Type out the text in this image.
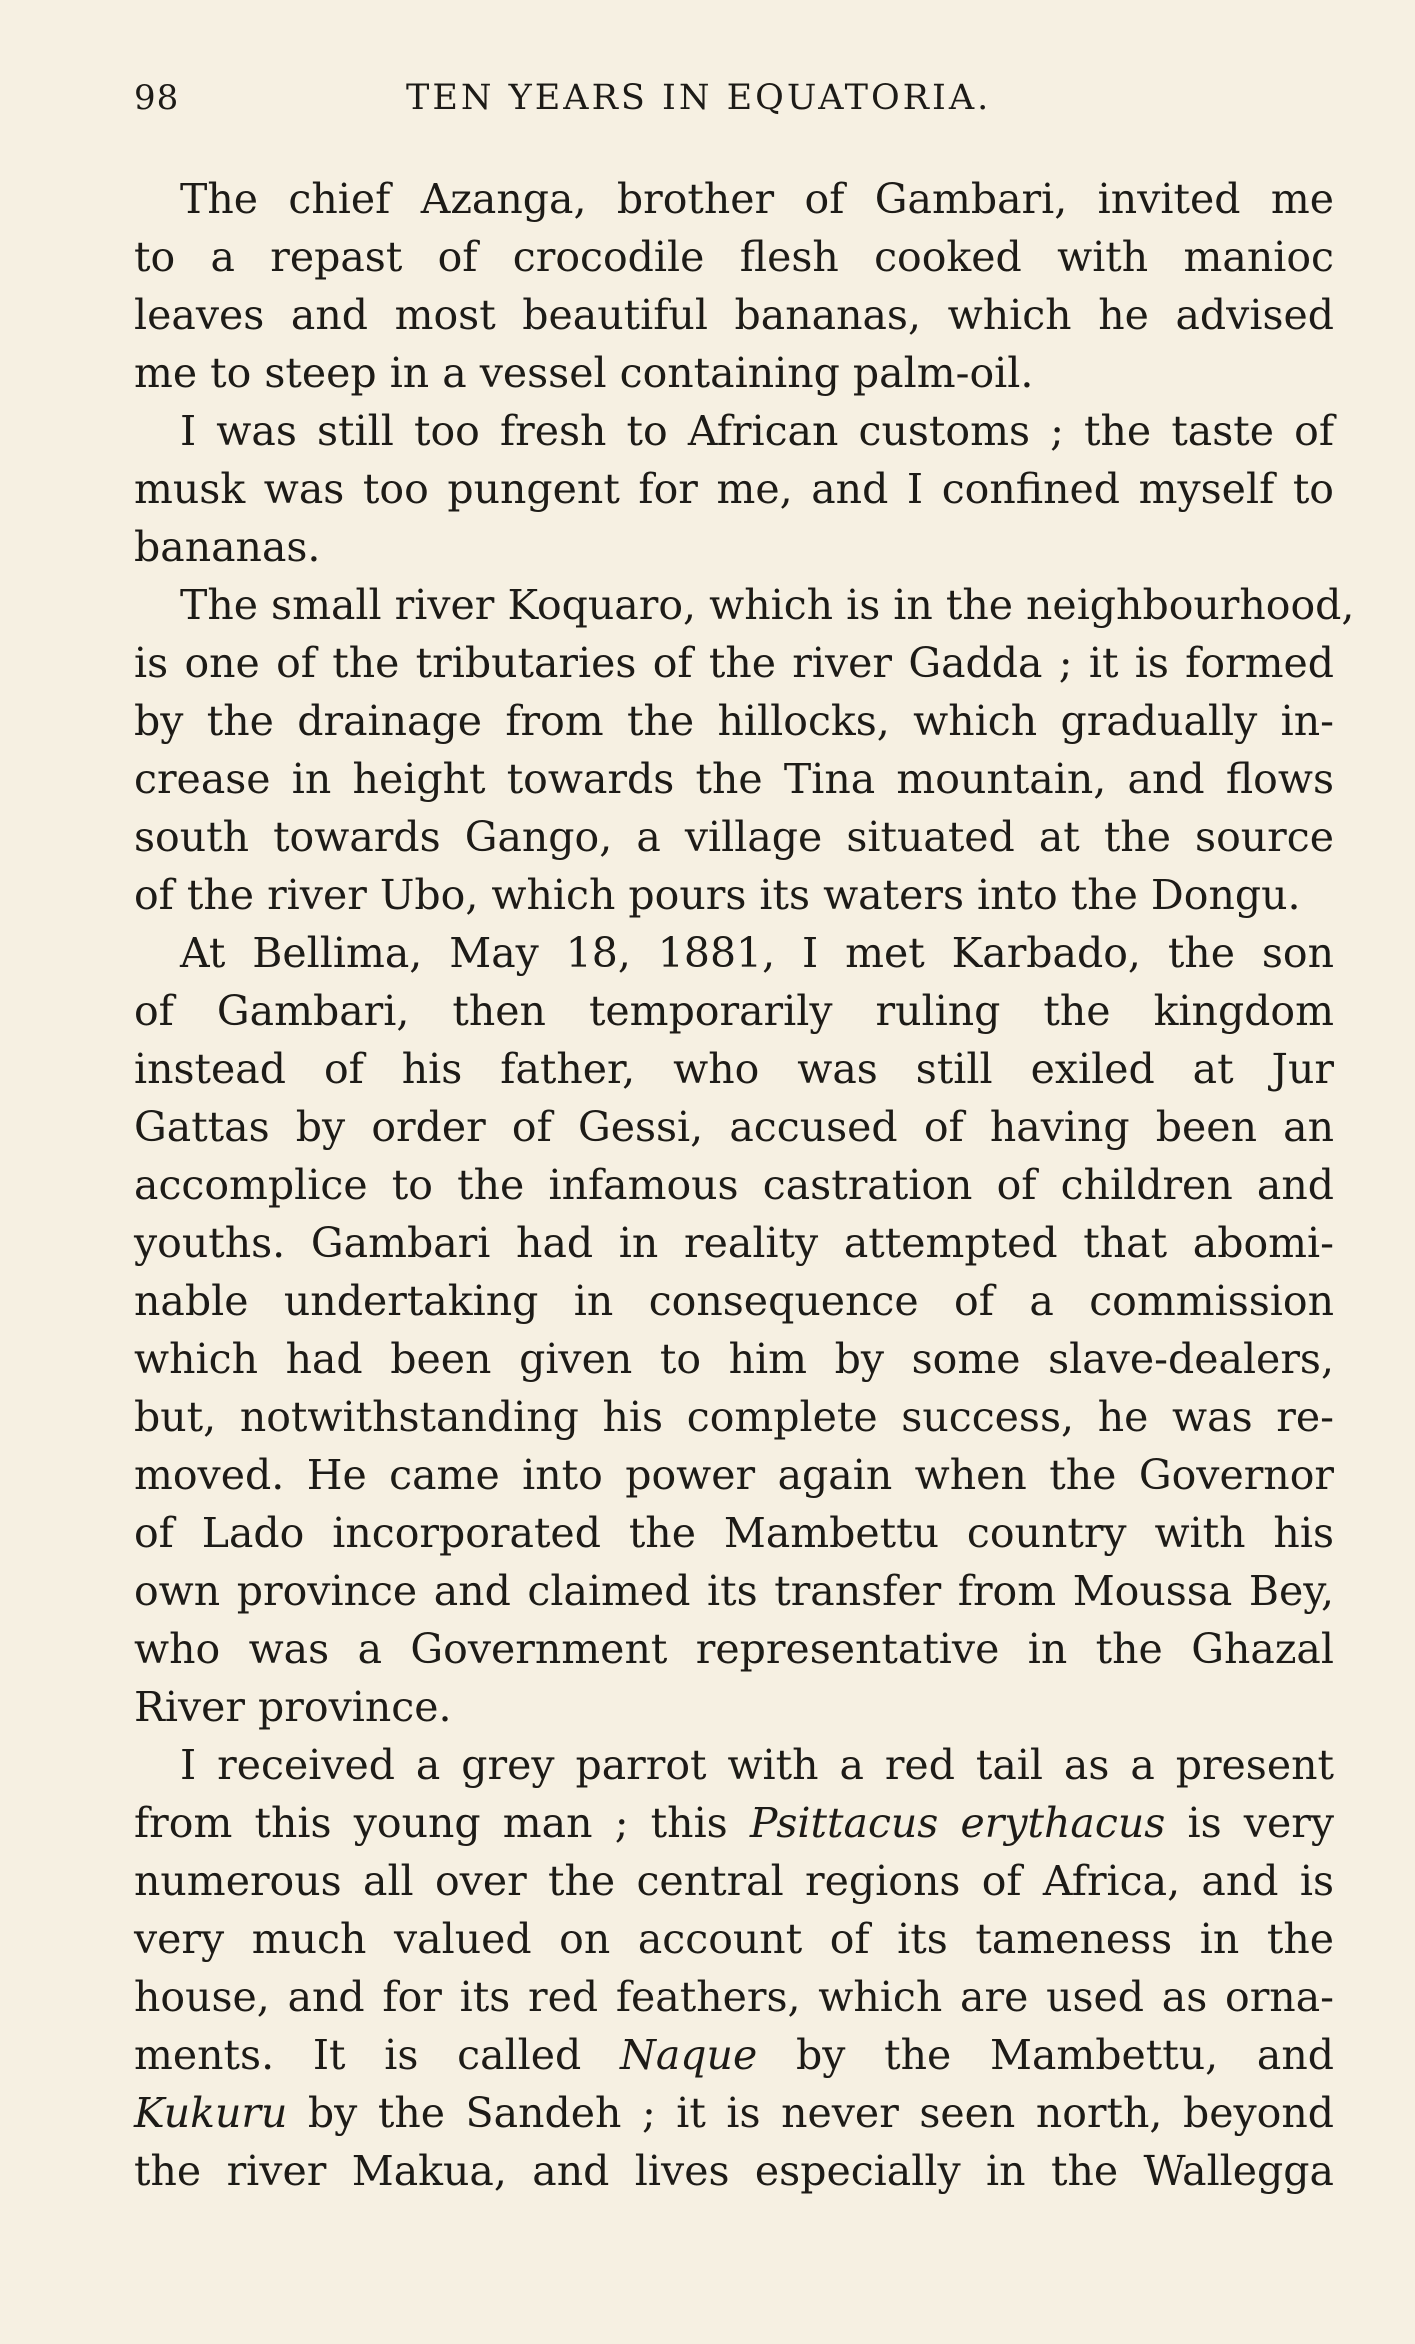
98	TEN YEARS IN EQUATORIA.
The chief Azanga, brother of Gambari, invited me
to a repast of crocodile flesh cooked with manioc
leaves and most beautiful bananas, which he advised
me to steep in a vessel containing palm-oil.
I was still too fresh to African customs ; the taste of
musk was too pungent for me, and I confined myself to
bananas.
The small river Koquaro, which is in the neighbourhood,
is one of the tributaries of the river Gadda ; it is formed
by the drainage from the hillocks, which gradually in-
crease in height towards the Tina mountain, and flows
south towards Gango, a village situated at the source
of the river Ubo, which pours its waters into the Dongu.
At Bellima, May 18, 1881, I met Karbado, the son
of Gambari, then temporarily ruling the kingdom
instead of his father, who was still exiled at Jur
Gattas by order of Gessi, accused of having been an
accomplice to the infamous castration of children and
youths. Gambari had in reality attempted that abomi-
nable undertaking in consequence of a commission
which had been given to him by some slave-dealers,
but, notwithstanding his complete success, he was re-
moved. He came into power again when the Governor
of Lado incorporated the Mambettu country with his
own province and claimed its transfer from Moussa Bey,
who was a Government representative in the Ghazal
River province.
I received a grey parrot with a red tail as a present
from this young man ; this Psittacus erythacus is very
numerous all over the central regions of Africa, and is
very much valued on account of its tameness in the
house, and for its red feathers, which are used as orna-
ments. It is called Naque by the Mambettu, and
Kukuru by the Sandeh ; it is never seen north, beyond
the river Makua, and lives especially in the Wallegga
